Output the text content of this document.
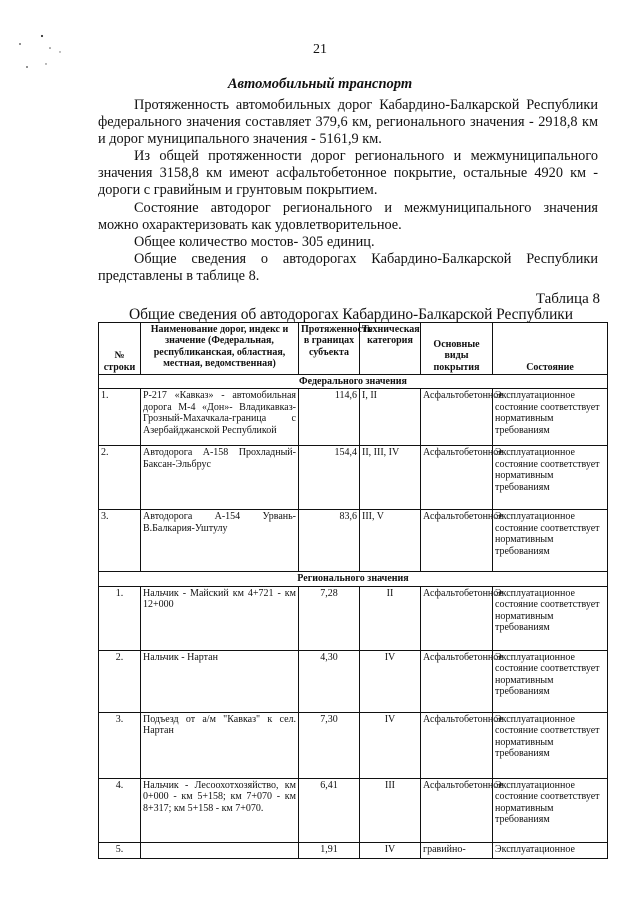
21
Автомобильный транспорт

Протяженность автомобильных дорог Кабардино-Балкарской Республики федерального значения составляет 379,6 км, регионального значения - 2918,8 км и дорог муниципального значения - 5161,9 км.

Из общей протяженности дорог регионального и межмуниципального значения 3158,8 км имеют асфальтобетонное покрытие, остальные 4920 км - дороги с гравийным и грунтовым покрытием.

Состояние автодорог регионального и межмуниципального значения можно охарактеризовать как удовлетворительное.

Общее количество мостов- 305 единиц.

Общие сведения о автодорогах Кабардино-Балкарской Республики представлены в таблице 8.

Таблица 8
Общие сведения об автодорогах Кабардино-Балкарской Республики
№ строки	Наименование дорог, индекс и значение (Федеральная, республиканская, областная, местная, ведомственная)	Протяженность в границах субъекта	Техническая категория	Основные виды покрытия	Состояние
Федерального значения					
1.	Р-217 «Кавказ» - автомобильная дорога М-4 «Дон»- Владикавказ-Грозный-Махачкала-граница с Азербайджанской Республикой	114,6	I, II	Асфальтобетонное	Эксплуатационное состояние соответствует нормативным требованиям
2.	Автодорога А-158 Прохладный-Баксан-Эльбрус	154,4	II, III, IV	Асфальтобетонное	Эксплуатационное состояние соответствует нормативным требованиям
3.	Автодорога А-154 Урвань-В.Балкария-Уштулу	83,6	III, V	Асфальтобетонное	Эксплуатационное состояние соответствует нормативным требованиям
Регионального значения					
1.	Нальчик - Майский км 4+721 - км 12+000	7,28	II	Асфальтобетонное	Эксплуатационное состояние соответствует нормативным требованиям
2.	Нальчик - Нартан	4,30	IV	Асфальтобетонное	Эксплуатационное состояние соответствует нормативным требованиям
3.	Подъезд от а/м "Кавказ" к сел. Нартан	7,30	IV	Асфальтобетонное	Эксплуатационное состояние соответствует нормативным требованиям
4.	Нальчик - Лесоохотхозяйство, км 0+000 - км 5+158; км 7+070 - км 8+317; км 5+158 - км 7+070.	6,41	III	Асфальтобетонное	Эксплуатационное состояние соответствует нормативным требованиям
5.		1,91	IV	гравийно-	Эксплуатационное
